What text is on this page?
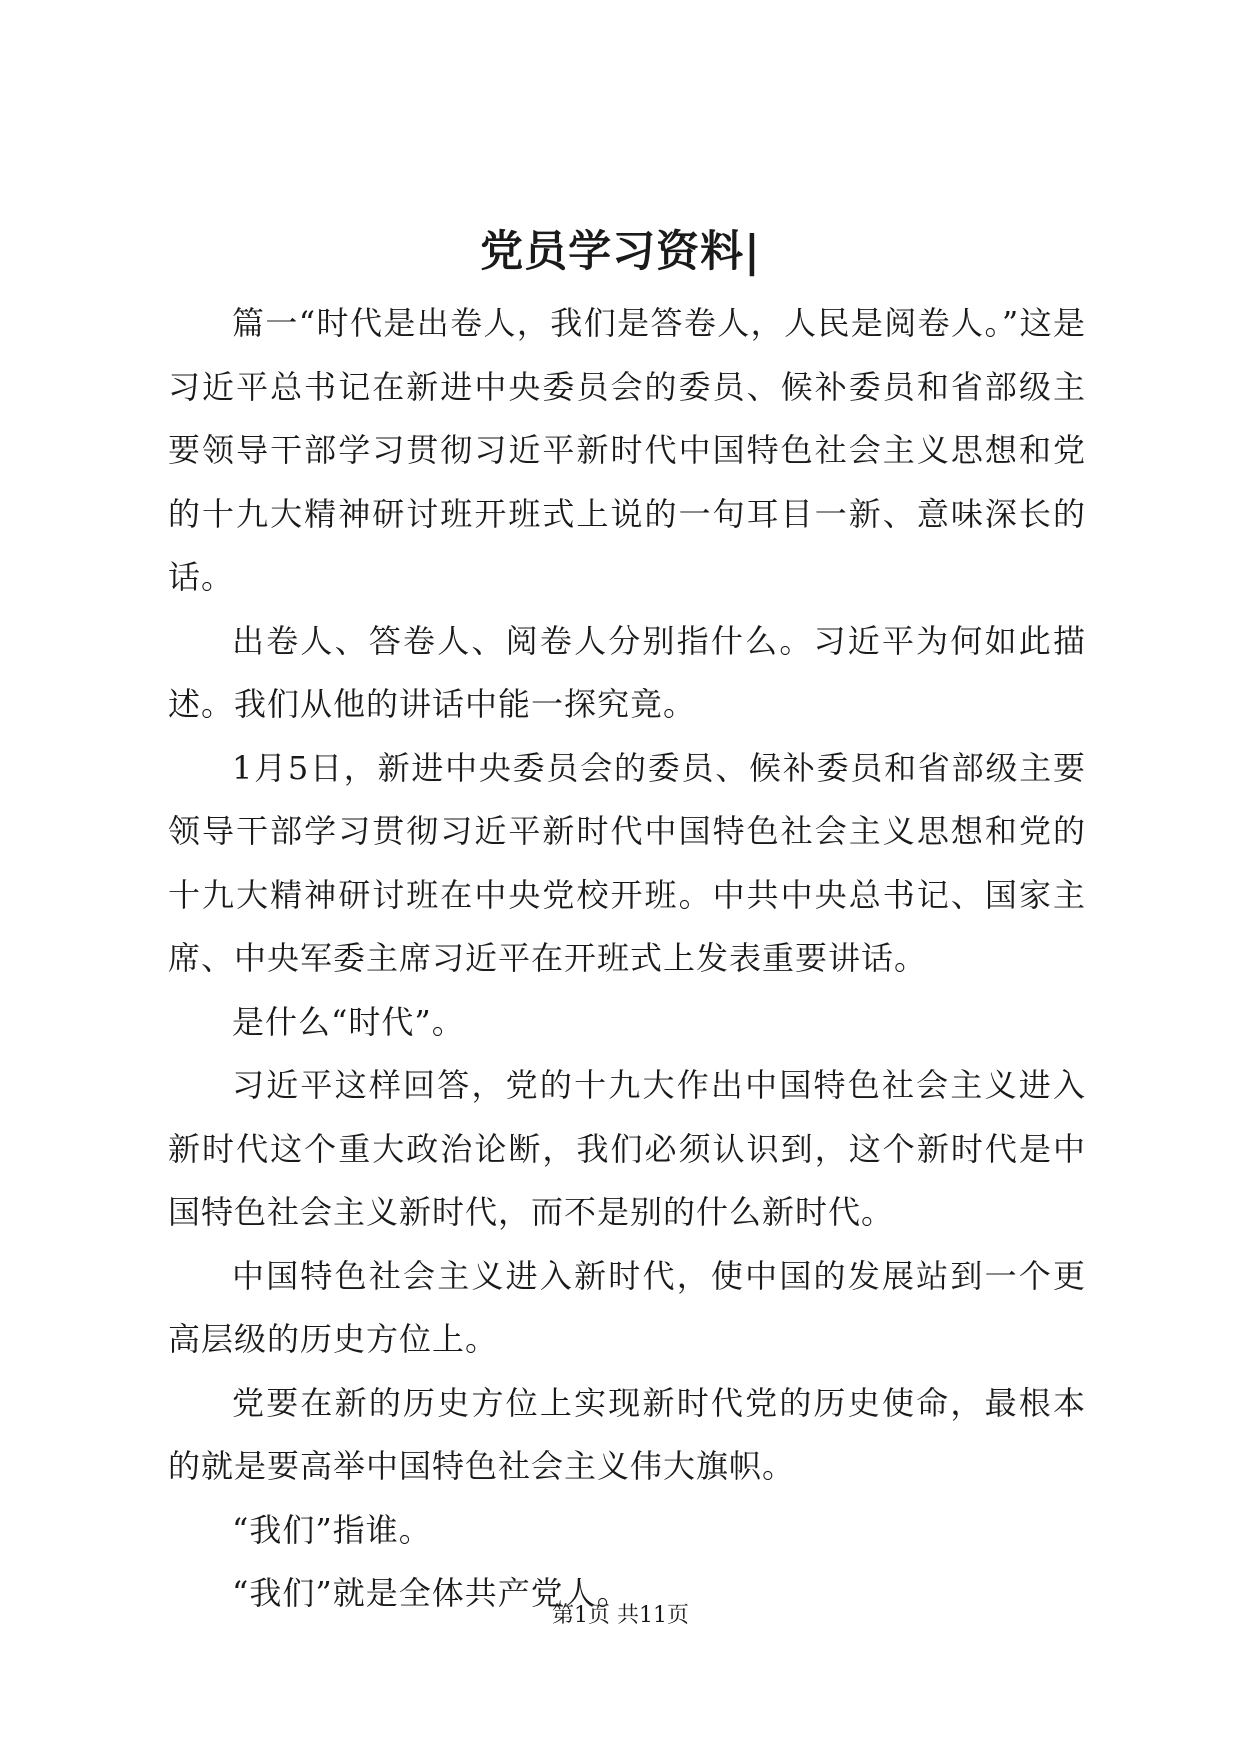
党员学习资料|

篇一“时代是出卷人，我们是答卷人，人民是阅卷人。”这是习近平总书记在新进中央委员会的委员、候补委员和省部级主要领导干部学习贯彻习近平新时代中国特色社会主义思想和党的十九大精神研讨班开班式上说的一句耳目一新、意味深长的话。

出卷人、答卷人、阅卷人分别指什么。习近平为何如此描述。我们从他的讲话中能一探究竟。

1月5日，新进中央委员会的委员、候补委员和省部级主要领导干部学习贯彻习近平新时代中国特色社会主义思想和党的十九大精神研讨班在中央党校开班。中共中央总书记、国家主席、中央军委主席习近平在开班式上发表重要讲话。

是什么“时代”。

习近平这样回答，党的十九大作出中国特色社会主义进入新时代这个重大政治论断，我们必须认识到，这个新时代是中国特色社会主义新时代，而不是别的什么新时代。

中国特色社会主义进入新时代，使中国的发展站到一个更高层级的历史方位上。

党要在新的历史方位上实现新时代党的历史使命，最根本的就是要高举中国特色社会主义伟大旗帜。

“我们”指谁。

“我们”就是全体共产党人。

第1页 共11页
